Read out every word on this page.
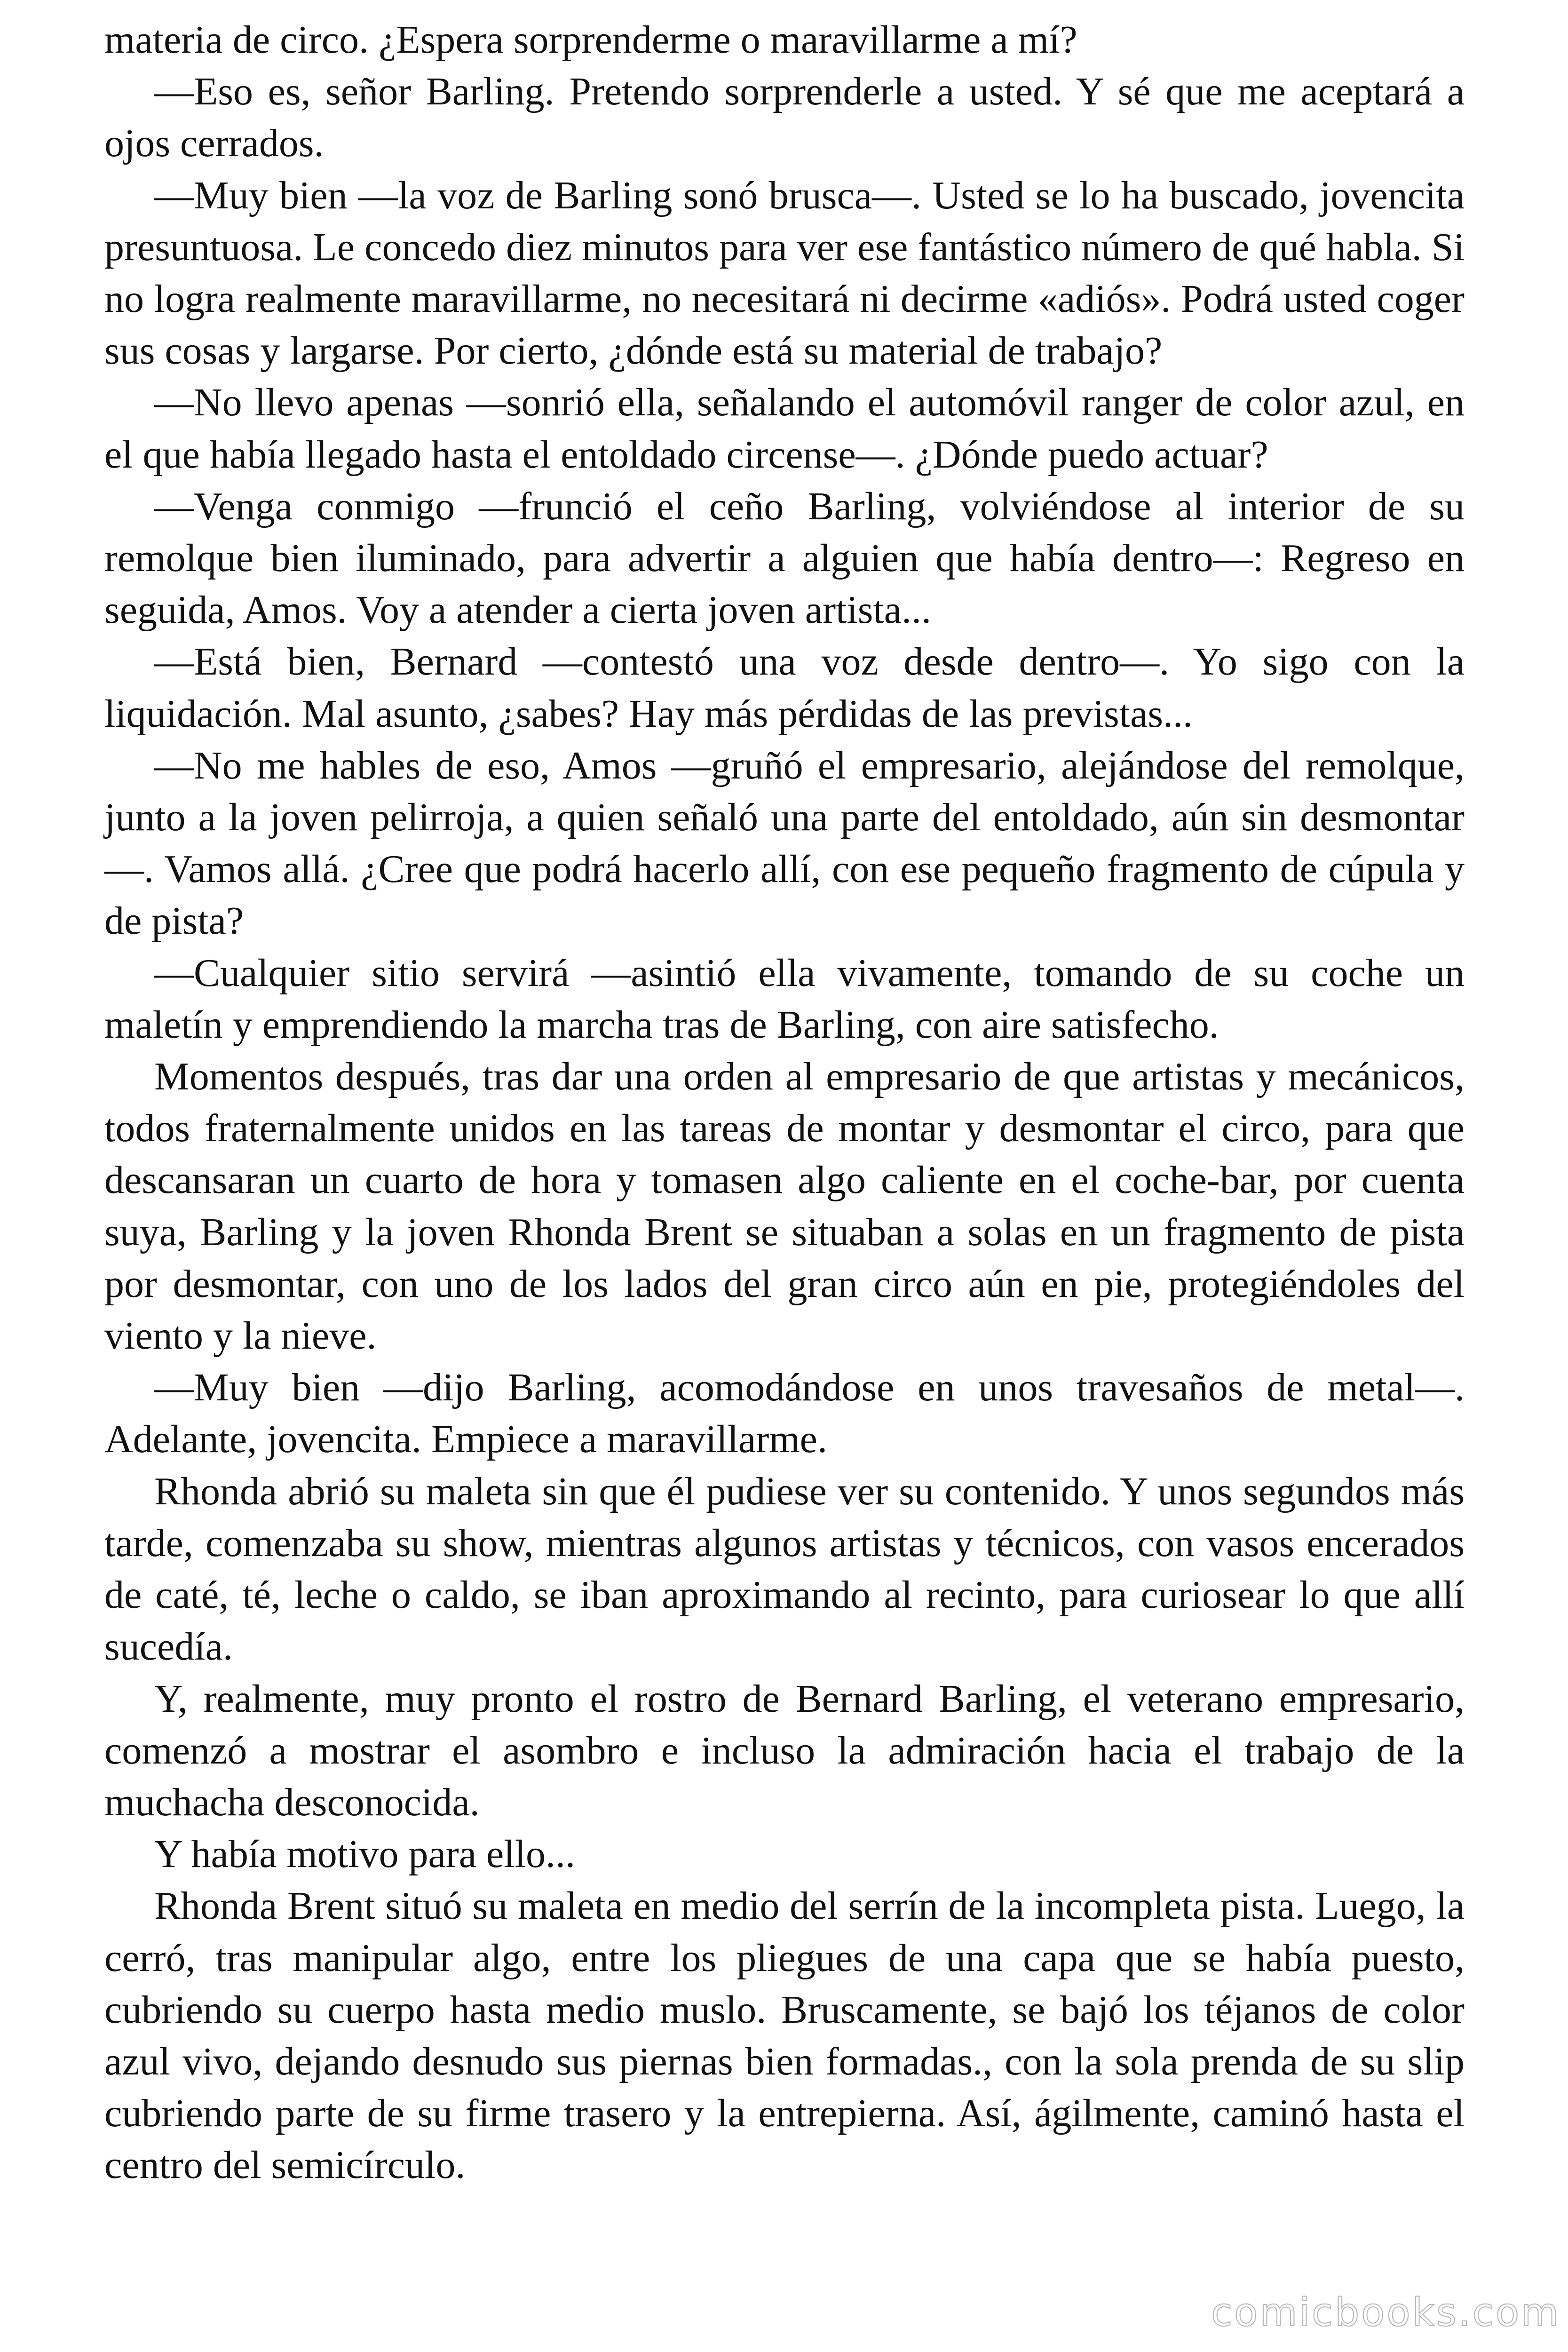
materia de circo. ¿Espera sorprenderme o maravillarme a mí?

—Eso es, señor Barling. Pretendo sorprenderle a usted. Y sé que me aceptará a ojos cerrados.

—Muy bien —la voz de Barling sonó brusca—. Usted se lo ha buscado, jovencita presuntuosa. Le concedo diez minutos para ver ese fantástico número de qué habla. Si no logra realmente maravillarme, no necesitará ni decirme «adiós». Podrá usted coger sus cosas y largarse. Por cierto, ¿dónde está su material de trabajo?

—No llevo apenas —sonrió ella, señalando el automóvil ranger de color azul, en el que había llegado hasta el entoldado circense—. ¿Dónde puedo actuar?

—Venga conmigo —frunció el ceño Barling, volviéndose al interior de su remolque bien iluminado, para advertir a alguien que había dentro—: Regreso en seguida, Amos. Voy a atender a cierta joven artista...

—Está bien, Bernard —contestó una voz desde dentro—. Yo sigo con la liquidación. Mal asunto, ¿sabes? Hay más pérdidas de las previstas...

—No me hables de eso, Amos —gruñó el empresario, alejándose del remolque, junto a la joven pelirroja, a quien señaló una parte del entoldado, aún sin desmontar—. Vamos allá. ¿Cree que podrá hacerlo allí, con ese pequeño fragmento de cúpula y de pista?

—Cualquier sitio servirá —asintió ella vivamente, tomando de su coche un maletín y emprendiendo la marcha tras de Barling, con aire satisfecho.

Momentos después, tras dar una orden al empresario de que artistas y mecánicos, todos fraternalmente unidos en las tareas de montar y desmontar el circo, para que descansaran un cuarto de hora y tomasen algo caliente en el coche-bar, por cuenta suya, Barling y la joven Rhonda Brent se situaban a solas en un fragmento de pista por desmontar, con uno de los lados del gran circo aún en pie, protegiéndoles del viento y la nieve.

—Muy bien —dijo Barling, acomodándose en unos travesaños de metal—. Adelante, jovencita. Empiece a maravillarme.

Rhonda abrió su maleta sin que él pudiese ver su contenido. Y unos segundos más tarde, comenzaba su show, mientras algunos artistas y técnicos, con vasos encerados de caté, té, leche o caldo, se iban aproximando al recinto, para curiosear lo que allí sucedía.

Y, realmente, muy pronto el rostro de Bernard Barling, el veterano empresario, comenzó a mostrar el asombro e incluso la admiración hacia el trabajo de la muchacha desconocida.

Y había motivo para ello...

Rhonda Brent situó su maleta en medio del serrín de la incompleta pista. Luego, la cerró, tras manipular algo, entre los pliegues de una capa que se había puesto, cubriendo su cuerpo hasta medio muslo. Bruscamente, se bajó los téjanos de color azul vivo, dejando desnudo sus piernas bien formadas., con la sola prenda de su slip cubriendo parte de su firme trasero y la entrepierna. Así, ágilmente, caminó hasta el centro del semicírculo.

comicbooks.com
